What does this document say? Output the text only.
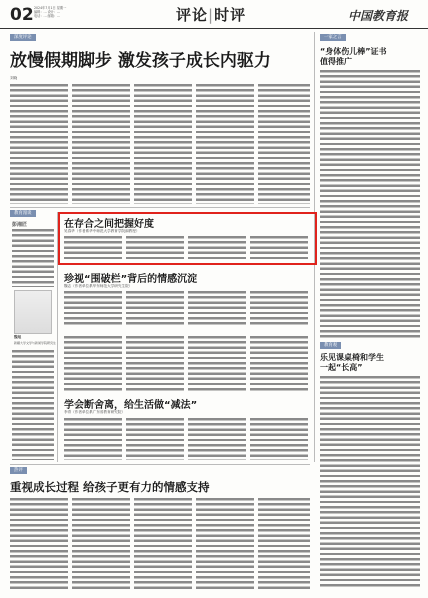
02 2024年7月1日 星期一
编辑：... 设计：...
电话：... 邮箱：...	评论|时评	中国教育报
深度评论
放慢假期脚步 激发孩子成长内驱力
刘晓
一家之言
“身体伤儿棒”证书
值得推广
教育观
乐见课桌椅和学生
一起“长高”
教育漫谈
彭湘匠
魏旭
新疆大学文学与新闻学院研究生
在存合之间把握好度
吴春华（作者系华中师范大学教育学院副教授）
珍视“围破栏”背后的情感沉淀
魏志（作者单位系华东师范大学研究生院）
学会断舍离，给生活做“减法”
李青（作者单位系广东省教育研究院）
热评
重视成长过程 给孩子更有力的情感支持
